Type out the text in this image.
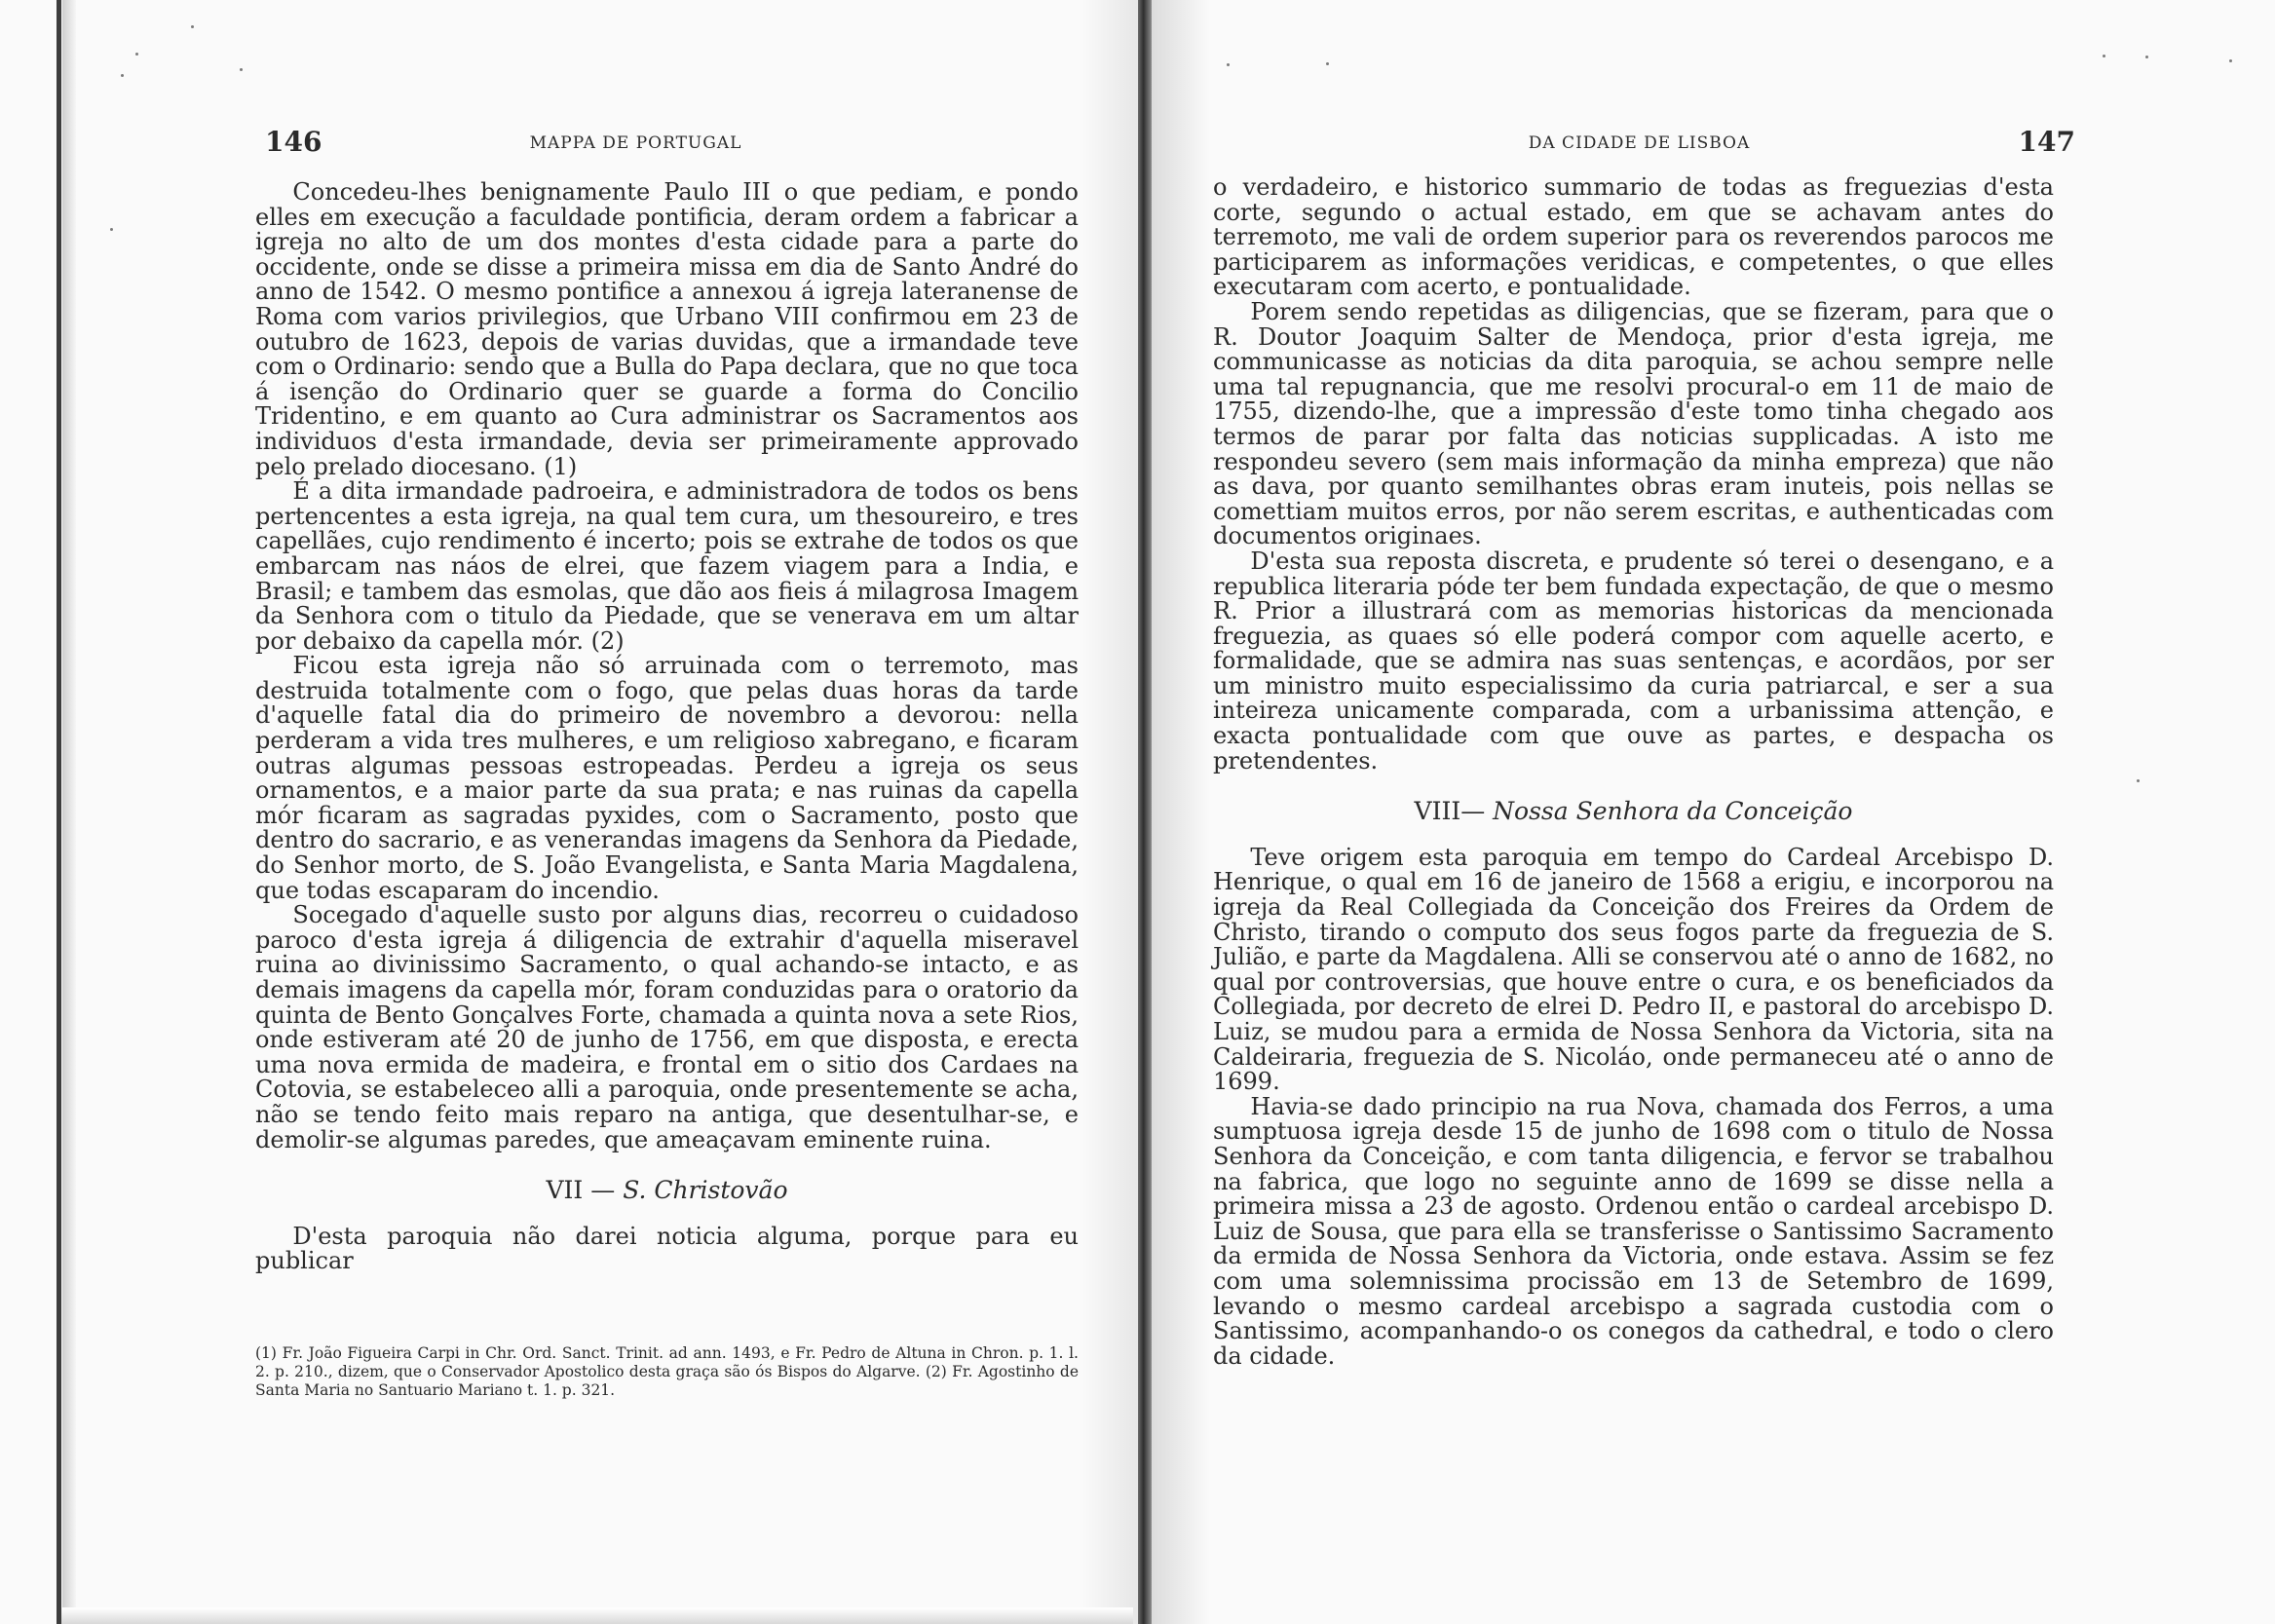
146	MAPPA DE PORTUGAL

Concedeu-lhes benignamente Paulo III o que pediam, e pondo elles em execução a faculdade pontificia, deram ordem a fabricar a igreja no alto de um dos montes d'esta cidade para a parte do occidente, onde se disse a primeira missa em dia de Santo André do anno de 1542. O mesmo pontifice a annexou á igreja lateranense de Roma com varios privilegios, que Urbano VIII confirmou em 23 de outubro de 1623, depois de varias duvidas, que a irmandade teve com o Ordinario: sendo que a Bulla do Papa declara, que no que toca á isenção do Ordinario quer se guarde a forma do Concilio Tridentino, e em quanto ao Cura administrar os Sacramentos aos individuos d'esta irmandade, devia ser primeiramente approvado pelo prelado diocesano. (1)

É a dita irmandade padroeira, e administradora de todos os bens pertencentes a esta igreja, na qual tem cura, um thesoureiro, e tres capellães, cujo rendimento é incerto; pois se extrahe de todos os que embarcam nas náos de elrei, que fazem viagem para a India, e Brasil; e tambem das esmolas, que dão aos fieis á milagrosa Imagem da Senhora com o titulo da Piedade, que se venerava em um altar por debaixo da capella mór. (2)

Ficou esta igreja não só arruinada com o terremoto, mas destruida totalmente com o fogo, que pelas duas horas da tarde d'aquelle fatal dia do primeiro de novembro a devorou: nella perderam a vida tres mulheres, e um religioso xabregano, e ficaram outras algumas pessoas estropeadas. Perdeu a igreja os seus ornamentos, e a maior parte da sua prata; e nas ruinas da capella mór ficaram as sagradas pyxides, com o Sacramento, posto que dentro do sacrario, e as venerandas imagens da Senhora da Piedade, do Senhor morto, de S. João Evangelista, e Santa Maria Magdalena, que todas escaparam do incendio.

Socegado d'aquelle susto por alguns dias, recorreu o cuidadoso paroco d'esta igreja á diligencia de extrahir d'aquella miseravel ruina ao divinissimo Sacramento, o qual achando-se intacto, e as demais imagens da capella mór, foram conduzidas para o oratorio da quinta de Bento Gonçalves Forte, chamada a quinta nova a sete Rios, onde estiveram até 20 de junho de 1756, em que disposta, e erecta uma nova ermida de madeira, e frontal em o sitio dos Cardaes na Cotovia, se estabeleceo alli a paroquia, onde presentemente se acha, não se tendo feito mais reparo na antiga, que desentulhar-se, e demolir-se algumas paredes, que ameaçavam eminente ruina.

VII — S. Christovão

D'esta paroquia não darei noticia alguma, porque para eu publicar

(1) Fr. João Figueira Carpi in Chr. Ord. Sanct. Trinit. ad ann. 1493, e Fr. Pedro de Altuna in Chron. p. 1. l. 2. p. 210., dizem, que o Conservador Apostolico desta graça são ós Bispos do Algarve. (2) Fr. Agostinho de Santa Maria no Santuario Mariano t. 1. p. 321.
DA CIDADE DE LISBOA	147

o verdadeiro, e historico summario de todas as freguezias d'esta corte, segundo o actual estado, em que se achavam antes do terremoto, me vali de ordem superior para os reverendos parocos me participarem as informações veridicas, e competentes, o que elles executaram com acerto, e pontualidade.

Porem sendo repetidas as diligencias, que se fizeram, para que o R. Doutor Joaquim Salter de Mendoça, prior d'esta igreja, me communicasse as noticias da dita paroquia, se achou sempre nelle uma tal repugnancia, que me resolvi procural-o em 11 de maio de 1755, dizendo-lhe, que a impressão d'este tomo tinha chegado aos termos de parar por falta das noticias supplicadas. A isto me respondeu severo (sem mais informação da minha empreza) que não as dava, por quanto semilhantes obras eram inuteis, pois nellas se comettiam muitos erros, por não serem escritas, e authenticadas com documentos originaes.

D'esta sua reposta discreta, e prudente só terei o desengano, e a republica literaria póde ter bem fundada expectação, de que o mesmo R. Prior a illustrará com as memorias historicas da mencionada freguezia, as quaes só elle poderá compor com aquelle acerto, e formalidade, que se admira nas suas sentenças, e acordãos, por ser um ministro muito especialissimo da curia patriarcal, e ser a sua inteireza unicamente comparada, com a urbanissima attenção, e exacta pontualidade com que ouve as partes, e despacha os pretendentes.

VIII— Nossa Senhora da Conceição

Teve origem esta paroquia em tempo do Cardeal Arcebispo D. Henrique, o qual em 16 de janeiro de 1568 a erigiu, e incorporou na igreja da Real Collegiada da Conceição dos Freires da Ordem de Christo, tirando o computo dos seus fogos parte da freguezia de S. Julião, e parte da Magdalena. Alli se conservou até o anno de 1682, no qual por controversias, que houve entre o cura, e os beneficiados da Collegiada, por decreto de elrei D. Pedro II, e pastoral do arcebispo D. Luiz, se mudou para a ermida de Nossa Senhora da Victoria, sita na Caldeiraria, freguezia de S. Nicoláo, onde permaneceu até o anno de 1699.

Havia-se dado principio na rua Nova, chamada dos Ferros, a uma sumptuosa igreja desde 15 de junho de 1698 com o titulo de Nossa Senhora da Conceição, e com tanta diligencia, e fervor se trabalhou na fabrica, que logo no seguinte anno de 1699 se disse nella a primeira missa a 23 de agosto. Ordenou então o cardeal arcebispo D. Luiz de Sousa, que para ella se transferisse o Santissimo Sacramento da ermida de Nossa Senhora da Victoria, onde estava. Assim se fez com uma solemnissima procissão em 13 de Setembro de 1699, levando o mesmo cardeal arcebispo a sagrada custodia com o Santissimo, acompanhando-o os conegos da cathedral, e todo o clero da cidade.
